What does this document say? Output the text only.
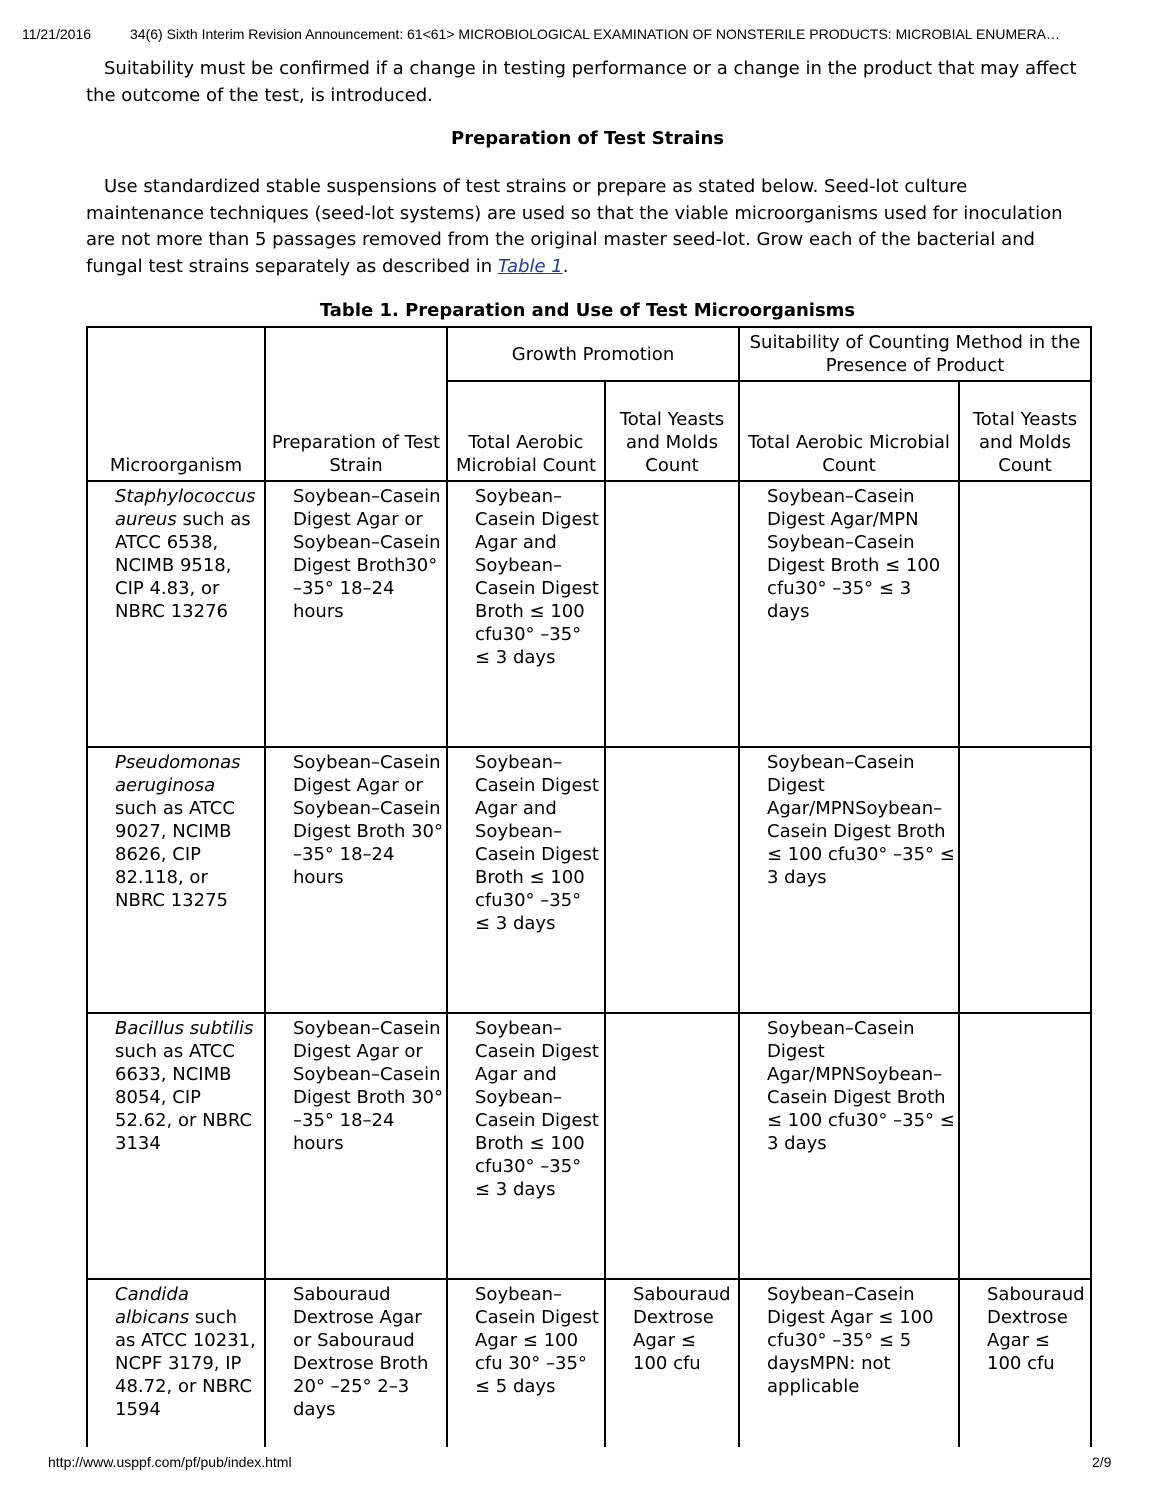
11/21/2016	34(6) Sixth Interim Revision Announcement: 61<61> MICROBIOLOGICAL EXAMINATION OF NONSTERILE PRODUCTS: MICROBIAL ENUMERA…

Suitability must be confirmed if a change in testing performance or a change in the product that may affect the outcome of the test, is introduced.

Preparation of Test Strains

Use standardized stable suspensions of test strains or prepare as stated below. Seed-lot culture maintenance techniques (seed-lot systems) are used so that the viable microorganisms used for inoculation are not more than 5 passages removed from the original master seed-lot. Grow each of the bacterial and fungal test strains separately as described in Table 1.

Table 1. Preparation and Use of Test Microorganisms
Microorganism	Preparation of Test Strain	Growth Promotion		Suitability of Counting Method in the Presence of Product	
		Total Aerobic Microbial Count	Total Yeasts and Molds Count	Total Aerobic Microbial Count	Total Yeasts and Molds Count
Staphylococcus aureus such as ATCC 6538, NCIMB 9518, CIP 4.83, or NBRC 13276	Soybean–Casein Digest Agar or Soybean–Casein Digest Broth30° –35° 18–24 hours	Soybean–Casein Digest Agar and Soybean–Casein Digest Broth ≤ 100 cfu30° –35° ≤ 3 days		Soybean–Casein Digest Agar/MPN Soybean–Casein Digest Broth ≤ 100 cfu30° –35° ≤ 3 days	
Pseudomonas aeruginosa such as ATCC 9027, NCIMB 8626, CIP 82.118, or NBRC 13275	Soybean–Casein Digest Agar or Soybean–Casein Digest Broth 30° –35° 18–24 hours	Soybean–Casein Digest Agar and Soybean–Casein Digest Broth ≤ 100 cfu30° –35° ≤ 3 days		Soybean–Casein Digest Agar/MPNSoybean–Casein Digest Broth ≤ 100 cfu30° –35° ≤ 3 days	
Bacillus subtilis such as ATCC 6633, NCIMB 8054, CIP 52.62, or NBRC 3134	Soybean–Casein Digest Agar or Soybean–Casein Digest Broth 30° –35° 18–24 hours	Soybean–Casein Digest Agar and Soybean–Casein Digest Broth ≤ 100 cfu30° –35° ≤ 3 days		Soybean–Casein Digest Agar/MPNSoybean–Casein Digest Broth ≤ 100 cfu30° –35° ≤ 3 days	
Candida albicans such as ATCC 10231, NCPF 3179, IP 48.72, or NBRC 1594	Sabouraud Dextrose Agar or Sabouraud Dextrose Broth 20° –25° 2–3 days	Soybean–Casein Digest Agar ≤ 100 cfu 30° –35° ≤ 5 days	Sabouraud Dextrose Agar ≤ 100 cfu	Soybean–Casein Digest Agar ≤ 100 cfu30° –35° ≤ 5 daysMPN: not applicable	Sabouraud Dextrose Agar ≤ 100 cfu
http://www.usppf.com/pf/pub/index.html	2/9
